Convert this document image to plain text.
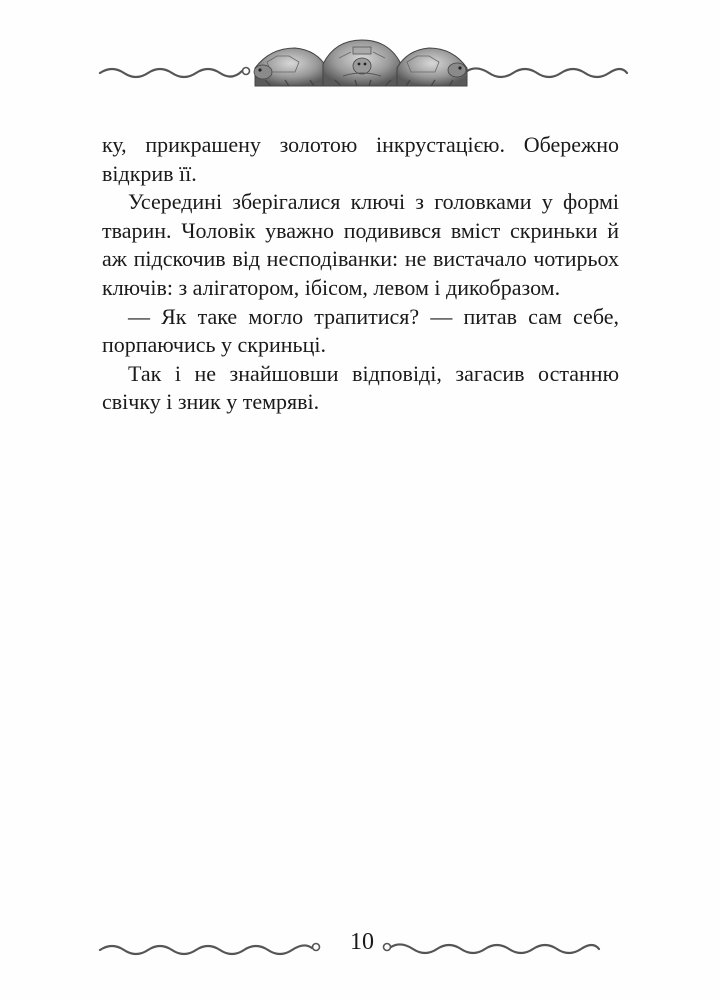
ку, прикрашену золотою інкрустацією. Обережно відкрив її.

Усередині зберігалися ключі з головками у формі тварин. Чоловік уважно подивився вміст скриньки й аж підскочив від несподіванки: не вистачало чотирьох ключів: з алігатором, ібісом, левом і дикобразом.

— Як таке могло трапитися? — питав сам себе, порпаючись у скриньці.

Так і не знайшовши відповіді, загасив останню свічку і зник у темряві.

10
